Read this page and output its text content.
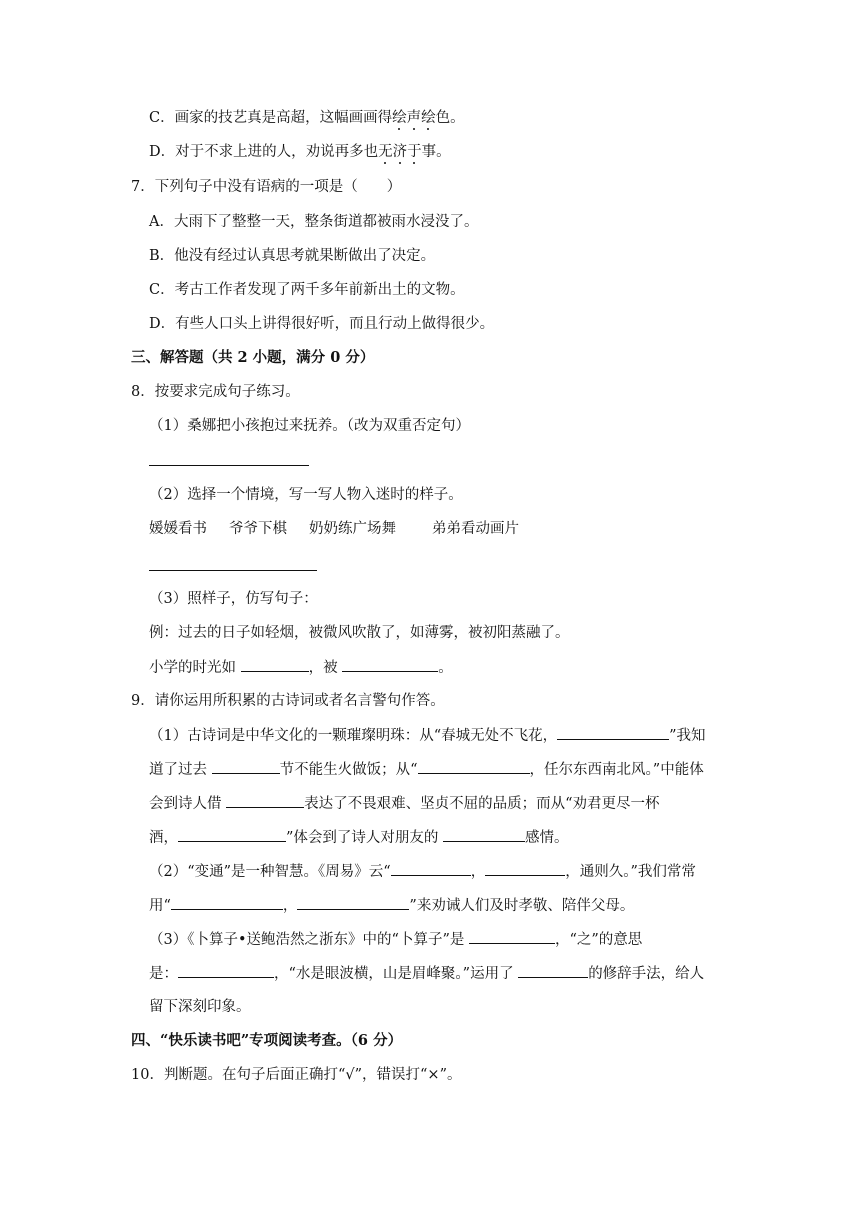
C．画家的技艺真是高超，这幅画画得绘声绘色。
D．对于不求上进的人，劝说再多也无济于事。
7．下列句子中没有语病的一项是（　　）
A．大雨下了整整一天，整条街道都被雨水浸没了。
B．他没有经过认真思考就果断做出了决定。
C．考古工作者发现了两千多年前新出土的文物。
D．有些人口头上讲得很好听，而且行动上做得很少。
三、解答题（共 2 小题，满分 0 分）
8．按要求完成句子练习。
（1）桑娜把小孩抱过来抚养。（改为双重否定句）
（2）选择一个情境，写一写人物入迷时的样子。
媛媛看书 爷爷下棋 奶奶练广场舞 弟弟看动画片
（3）照样子，仿写句子：
例：过去的日子如轻烟，被微风吹散了，如薄雾，被初阳蒸融了。
小学的时光如	，被	。
9．请你运用所积累的古诗词或者名言警句作答。
（1）古诗词是中华文化的一颗璀璨明珠：从“春城无处不飞花，	”我知
道了过去	节不能生火做饭；从“	，任尔东西南北风。”中能体
会到诗人借	表达了不畏艰难、坚贞不屈的品质；而从“劝君更尽一杯
酒，	”体会到了诗人对朋友的	感情。
（2）“变通”是一种智慧。《周易》云“	，	，通则久。”我们常常
用“	，	”来劝诫人们及时孝敬、陪伴父母。
（3）《卜算子•送鲍浩然之浙东》中的“卜算子”是	，“之”的意思
是：	，“水是眼波横，山是眉峰聚。”运用了	的修辞手法，给人
留下深刻印象。
四、“快乐读书吧”专项阅读考查。（6 分）
10．判断题。在句子后面正确打“√”，错误打“×”。
